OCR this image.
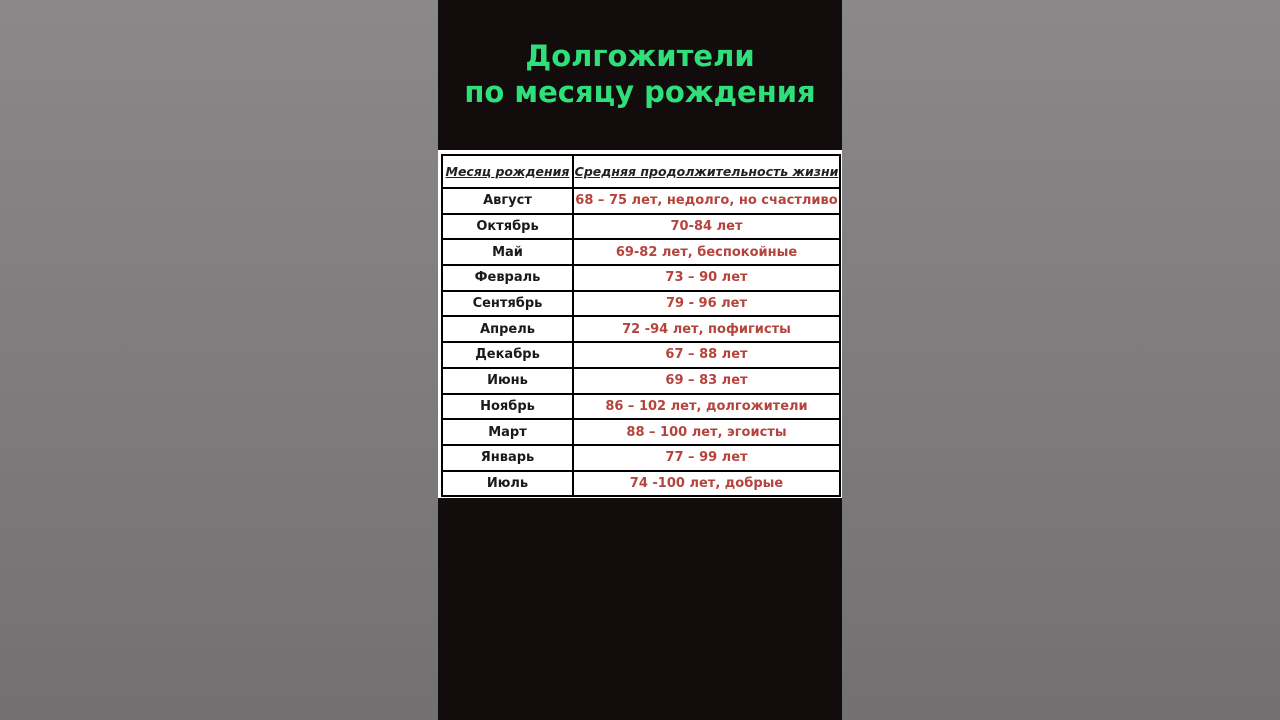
Долгожители
по месяцу рождения
Месяц рождения	Средняя продолжительность жизни
Август	68 – 75 лет, недолго, но счастливо
Октябрь	70-84 лет
Май	69-82 лет, беспокойные
Февраль	73 – 90 лет
Сентябрь	79 - 96 лет
Апрель	72 -94 лет, пофигисты
Декабрь	67 – 88 лет
Июнь	69 – 83 лет
Ноябрь	86 – 102 лет, долгожители
Март	88 – 100 лет, эгоисты
Январь	77 – 99 лет
Июль	74 -100 лет, добрые
